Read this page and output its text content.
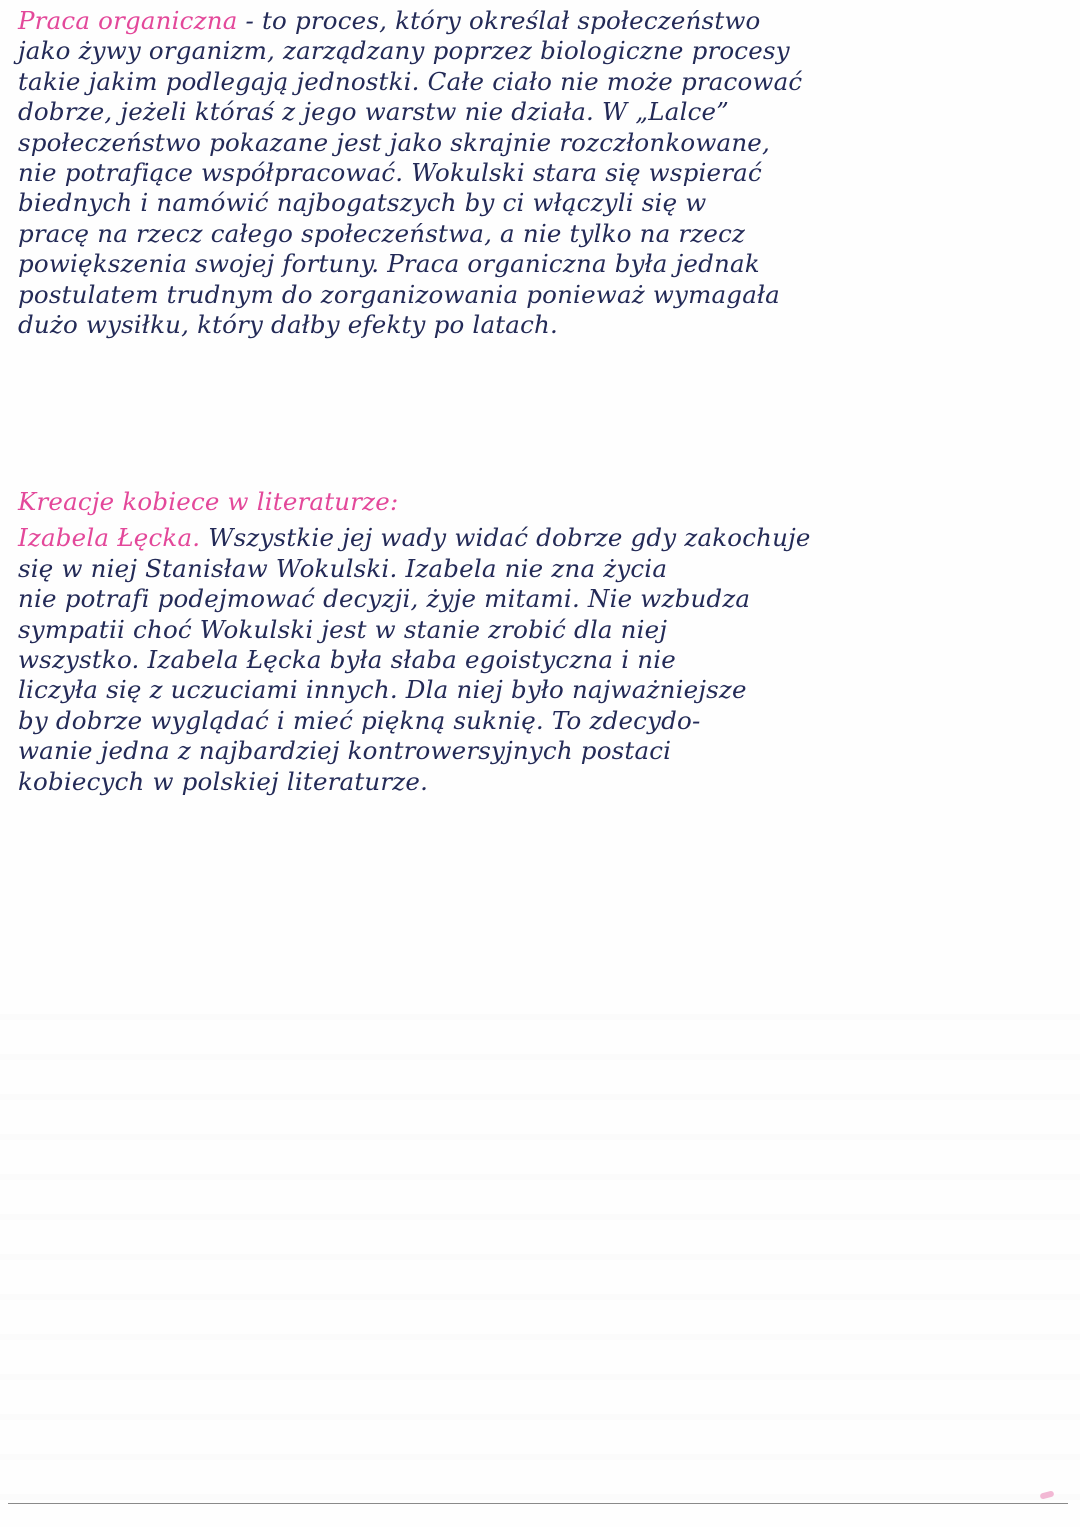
Praca organiczna - to proces, który określał społeczeństwo
jako żywy organizm, zarządzany poprzez biologiczne procesy
takie jakim podlegają jednostki. Całe ciało nie może pracować
dobrze, jeżeli któraś z jego warstw nie działa. W „Lalce”
społeczeństwo pokazane jest jako skrajnie rozczłonkowane,
nie potrafiące współpracować. Wokulski stara się wspierać
biednych i namówić najbogatszych by ci włączyli się w
pracę na rzecz całego społeczeństwa, a nie tylko na rzecz
powiększenia swojej fortuny. Praca organiczna była jednak
postulatem trudnym do zorganizowania ponieważ wymagała
dużo wysiłku, który dałby efekty po latach.
Kreacje kobiece w literaturze:
Izabela Łęcka. Wszystkie jej wady widać dobrze gdy zakochuje
się w niej Stanisław Wokulski. Izabela nie zna życia
nie potrafi podejmować decyzji, żyje mitami. Nie wzbudza
sympatii choć Wokulski jest w stanie zrobić dla niej
wszystko. Izabela Łęcka była słaba egoistyczna i nie
liczyła się z uczuciami innych. Dla niej było najważniejsze
by dobrze wyglądać i mieć piękną suknię. To zdecydo-
wanie jedna z najbardziej kontrowersyjnych postaci
kobiecych w polskiej literaturze.
